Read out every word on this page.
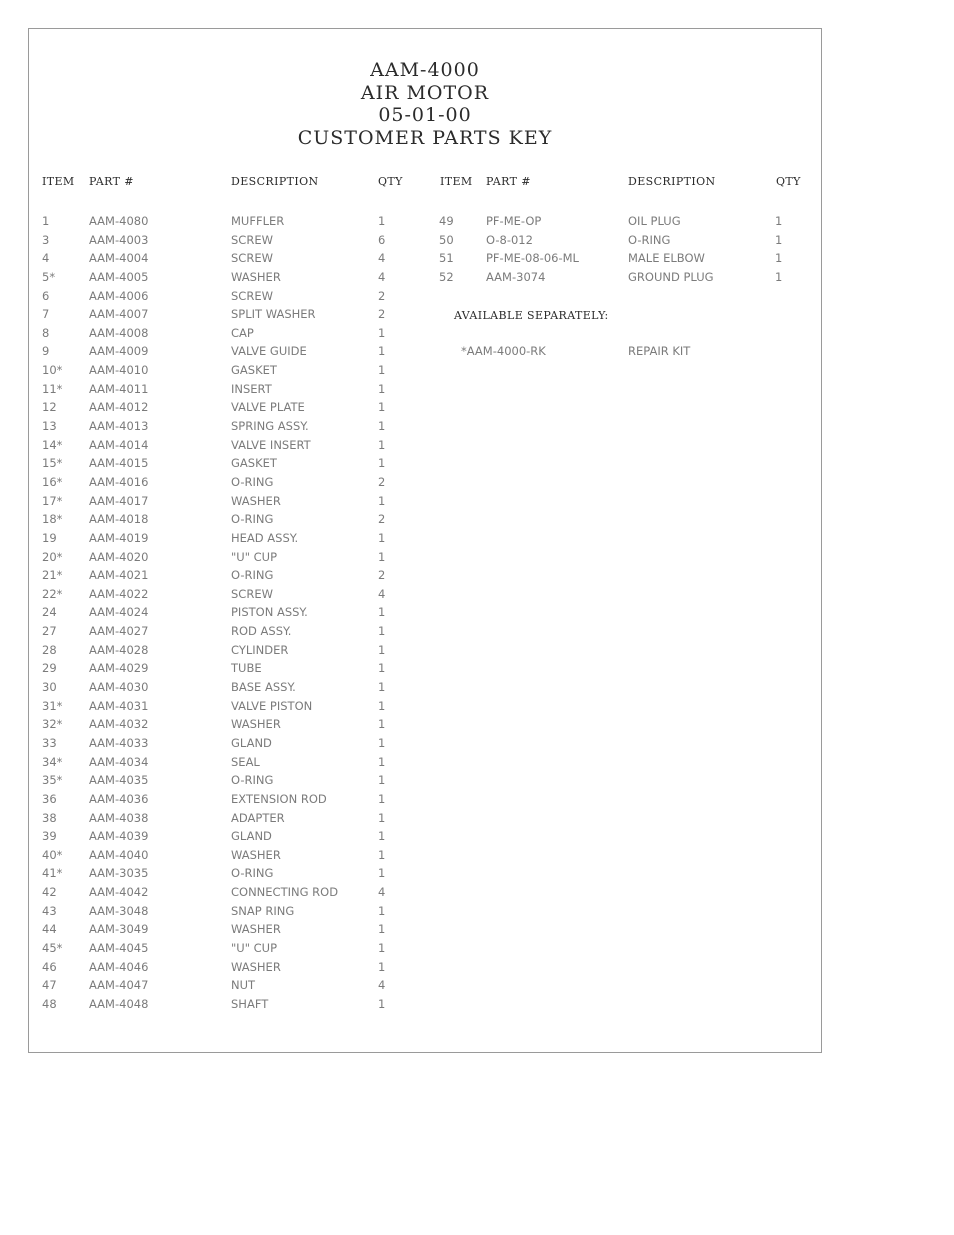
AAM-4000
AIR MOTOR
05-01-00
CUSTOMER PARTS KEY
ITEM PART #	DESCRIPTION	QTY	ITEM PART #	DESCRIPTION	QTY
1	AAM-4080	MUFFLER	1
3	AAM-4003	SCREW	6
4	AAM-4004	SCREW	4
5*	AAM-4005	WASHER	4
6	AAM-4006	SCREW	2
7	AAM-4007	SPLIT WASHER	2
8	AAM-4008	CAP	1
9	AAM-4009	VALVE GUIDE	1
10* AAM-4010	GASKET	1
11* AAM-4011	INSERT	1
12	AAM-4012	VALVE PLATE	1
13	AAM-4013	SPRING ASSY.	1
14* AAM-4014	VALVE INSERT	1
15* AAM-4015	GASKET	1
16* AAM-4016	O-RING	2
17* AAM-4017	WASHER	1
18* AAM-4018	O-RING	2
19	AAM-4019	HEAD ASSY.	1
20* AAM-4020	"U" CUP	1
21* AAM-4021	O-RING	2
22* AAM-4022	SCREW	4
24	AAM-4024	PISTON ASSY.	1
27	AAM-4027	ROD ASSY.	1
28	AAM-4028	CYLINDER	1
29	AAM-4029	TUBE	1
30	AAM-4030	BASE ASSY.	1
31* AAM-4031	VALVE PISTON	1
32* AAM-4032	WASHER	1
33	AAM-4033	GLAND	1
34* AAM-4034	SEAL	1
35* AAM-4035	O-RING	1
36	AAM-4036	EXTENSION ROD	1
38	AAM-4038	ADAPTER	1
39	AAM-4039	GLAND	1
40* AAM-4040	WASHER	1
41* AAM-3035	O-RING	1
42	AAM-4042	CONNECTING ROD	4
43	AAM-3048	SNAP RING	1
44	AAM-3049	WASHER	1
45* AAM-4045	"U" CUP	1
46	AAM-4046	WASHER	1
47	AAM-4047	NUT	4
48	AAM-4048	SHAFT	1
49	PF-ME-OP	OIL PLUG	1
50	O-8-012	O-RING	1
51	PF-ME-08-06-ML	MALE ELBOW	1
52	AAM-3074	GROUND PLUG	1
AVAILABLE SEPARATELY:
*AAM-4000-RK	REPAIR KIT
